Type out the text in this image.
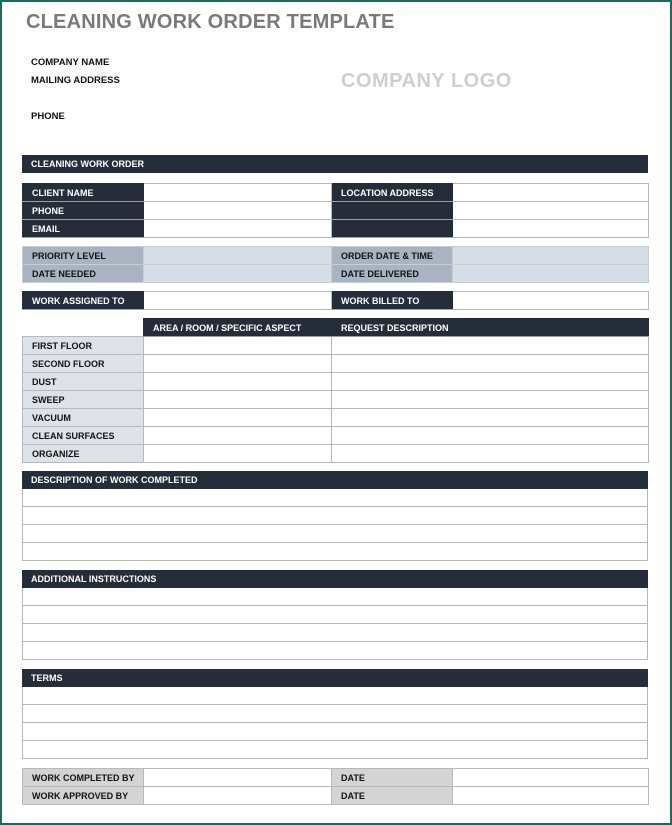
CLEANING WORK ORDER TEMPLATE
COMPANY NAME
MAILING ADDRESS
PHONE
COMPANY LOGO
CLEANING WORK ORDER
CLIENT NAME		LOCATION ADDRESS	
PHONE			
EMAIL			
PRIORITY LEVEL		ORDER DATE & TIME	
DATE NEEDED		DATE DELIVERED	
WORK ASSIGNED TO		WORK BILLED TO	
	AREA / ROOM / SPECIFIC ASPECT	REQUEST DESCRIPTION
FIRST FLOOR		
SECOND FLOOR		
DUST		
SWEEP		
VACUUM		
CLEAN SURFACES		
ORGANIZE		
DESCRIPTION OF WORK COMPLETED
ADDITIONAL INSTRUCTIONS
TERMS
WORK COMPLETED BY		DATE	
WORK APPROVED BY		DATE	
